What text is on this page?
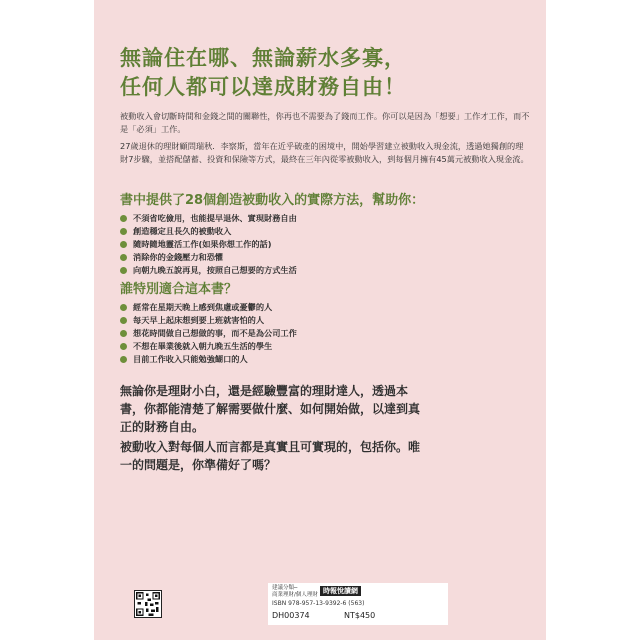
無論住在哪、無論薪水多寡，
任何人都可以達成財務自由！

被動收入會切斷時間和金錢之間的關聯性，你再也不需要為了錢而工作。你可以是因為「想要」工作才工作，而不是「必須」工作。

27歲退休的理財顧問瑞秋．李察斯，當年在近乎破產的困境中，開始學習建立被動收入現金流，透過她獨創的理財7步驟，並搭配儲蓄、投資和保險等方式，最終在三年內從零被動收入，到每個月擁有45萬元被動收入現金流。

書中提供了28個創造被動收入的實際方法，幫助你：
不須省吃儉用，也能提早退休、實現財務自由
創造穩定且長久的被動收入
隨時隨地靈活工作(如果你想工作的話)
消除你的金錢壓力和恐懼
向朝九晚五說再見，按照自己想要的方式生活
誰特別適合這本書？
經常在星期天晚上感到焦慮或憂鬱的人
每天早上起床想到要上班就害怕的人
想花時間做自己想做的事，而不是為公司工作
不想在畢業後就入朝九晚五生活的學生
目前工作收入只能勉強餬口的人

無論你是理財小白，還是經驗豐富的理財達人，透過本書，你都能清楚了解需要做什麼、如何開始做，以達到真正的財務自由。

被動收入對每個人而言都是真實且可實現的，包括你。唯一的問題是，你準備好了嗎？

建議分類─
商業理財/個人理財 時報悅讀網
ISBN 978-957-13-9392-6 (563)
DH00374	NT$450
